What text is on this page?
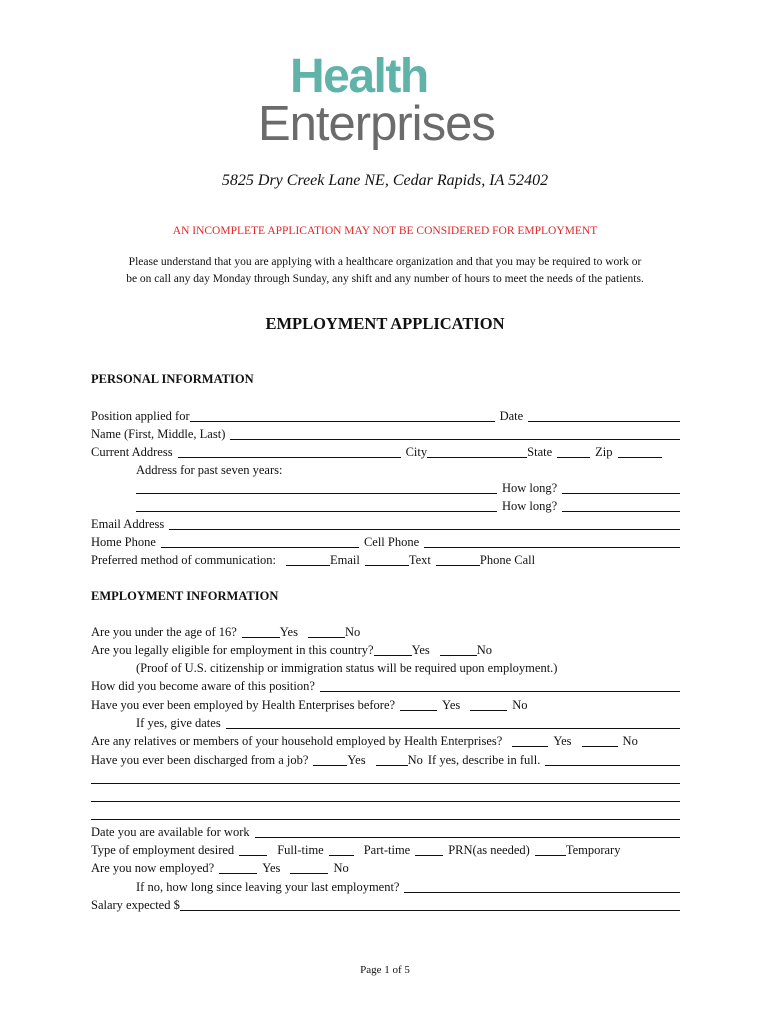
Health
Enterprises
5825 Dry Creek Lane NE, Cedar Rapids, IA 52402
AN INCOMPLETE APPLICATION MAY NOT BE CONSIDERED FOR EMPLOYMENT
Please understand that you are applying with a healthcare organization and that you may be required to work or
be on call any day Monday through Sunday, any shift and any number of hours to meet the needs of the patients.
EMPLOYMENT APPLICATION
PERSONAL INFORMATION
Position applied for	Date
Name (First, Middle, Last)
Current Address	City	State	Zip
Address for past seven years:
How long?
How long?
Email Address
Home Phone	Cell Phone
Preferred method of communication:	Email	Text	Phone Call
EMPLOYMENT INFORMATION
Are you under the age of 16?	Yes	No
Are you legally eligible for employment in this country?	Yes	No
(Proof of U.S. citizenship or immigration status will be required upon employment.)
How did you become aware of this position?
Have you ever been employed by Health Enterprises before?	Yes	No
If yes, give dates
Are any relatives or members of your household employed by Health Enterprises?	Yes	No
Have you ever been discharged from a job?	Yes	No If yes, describe in full.
Date you are available for work
Type of employment desired	Full-time	Part-time	PRN(as needed)	Temporary
Are you now employed?	Yes	No
If no, how long since leaving your last employment?
Salary expected $
Page 1 of 5
